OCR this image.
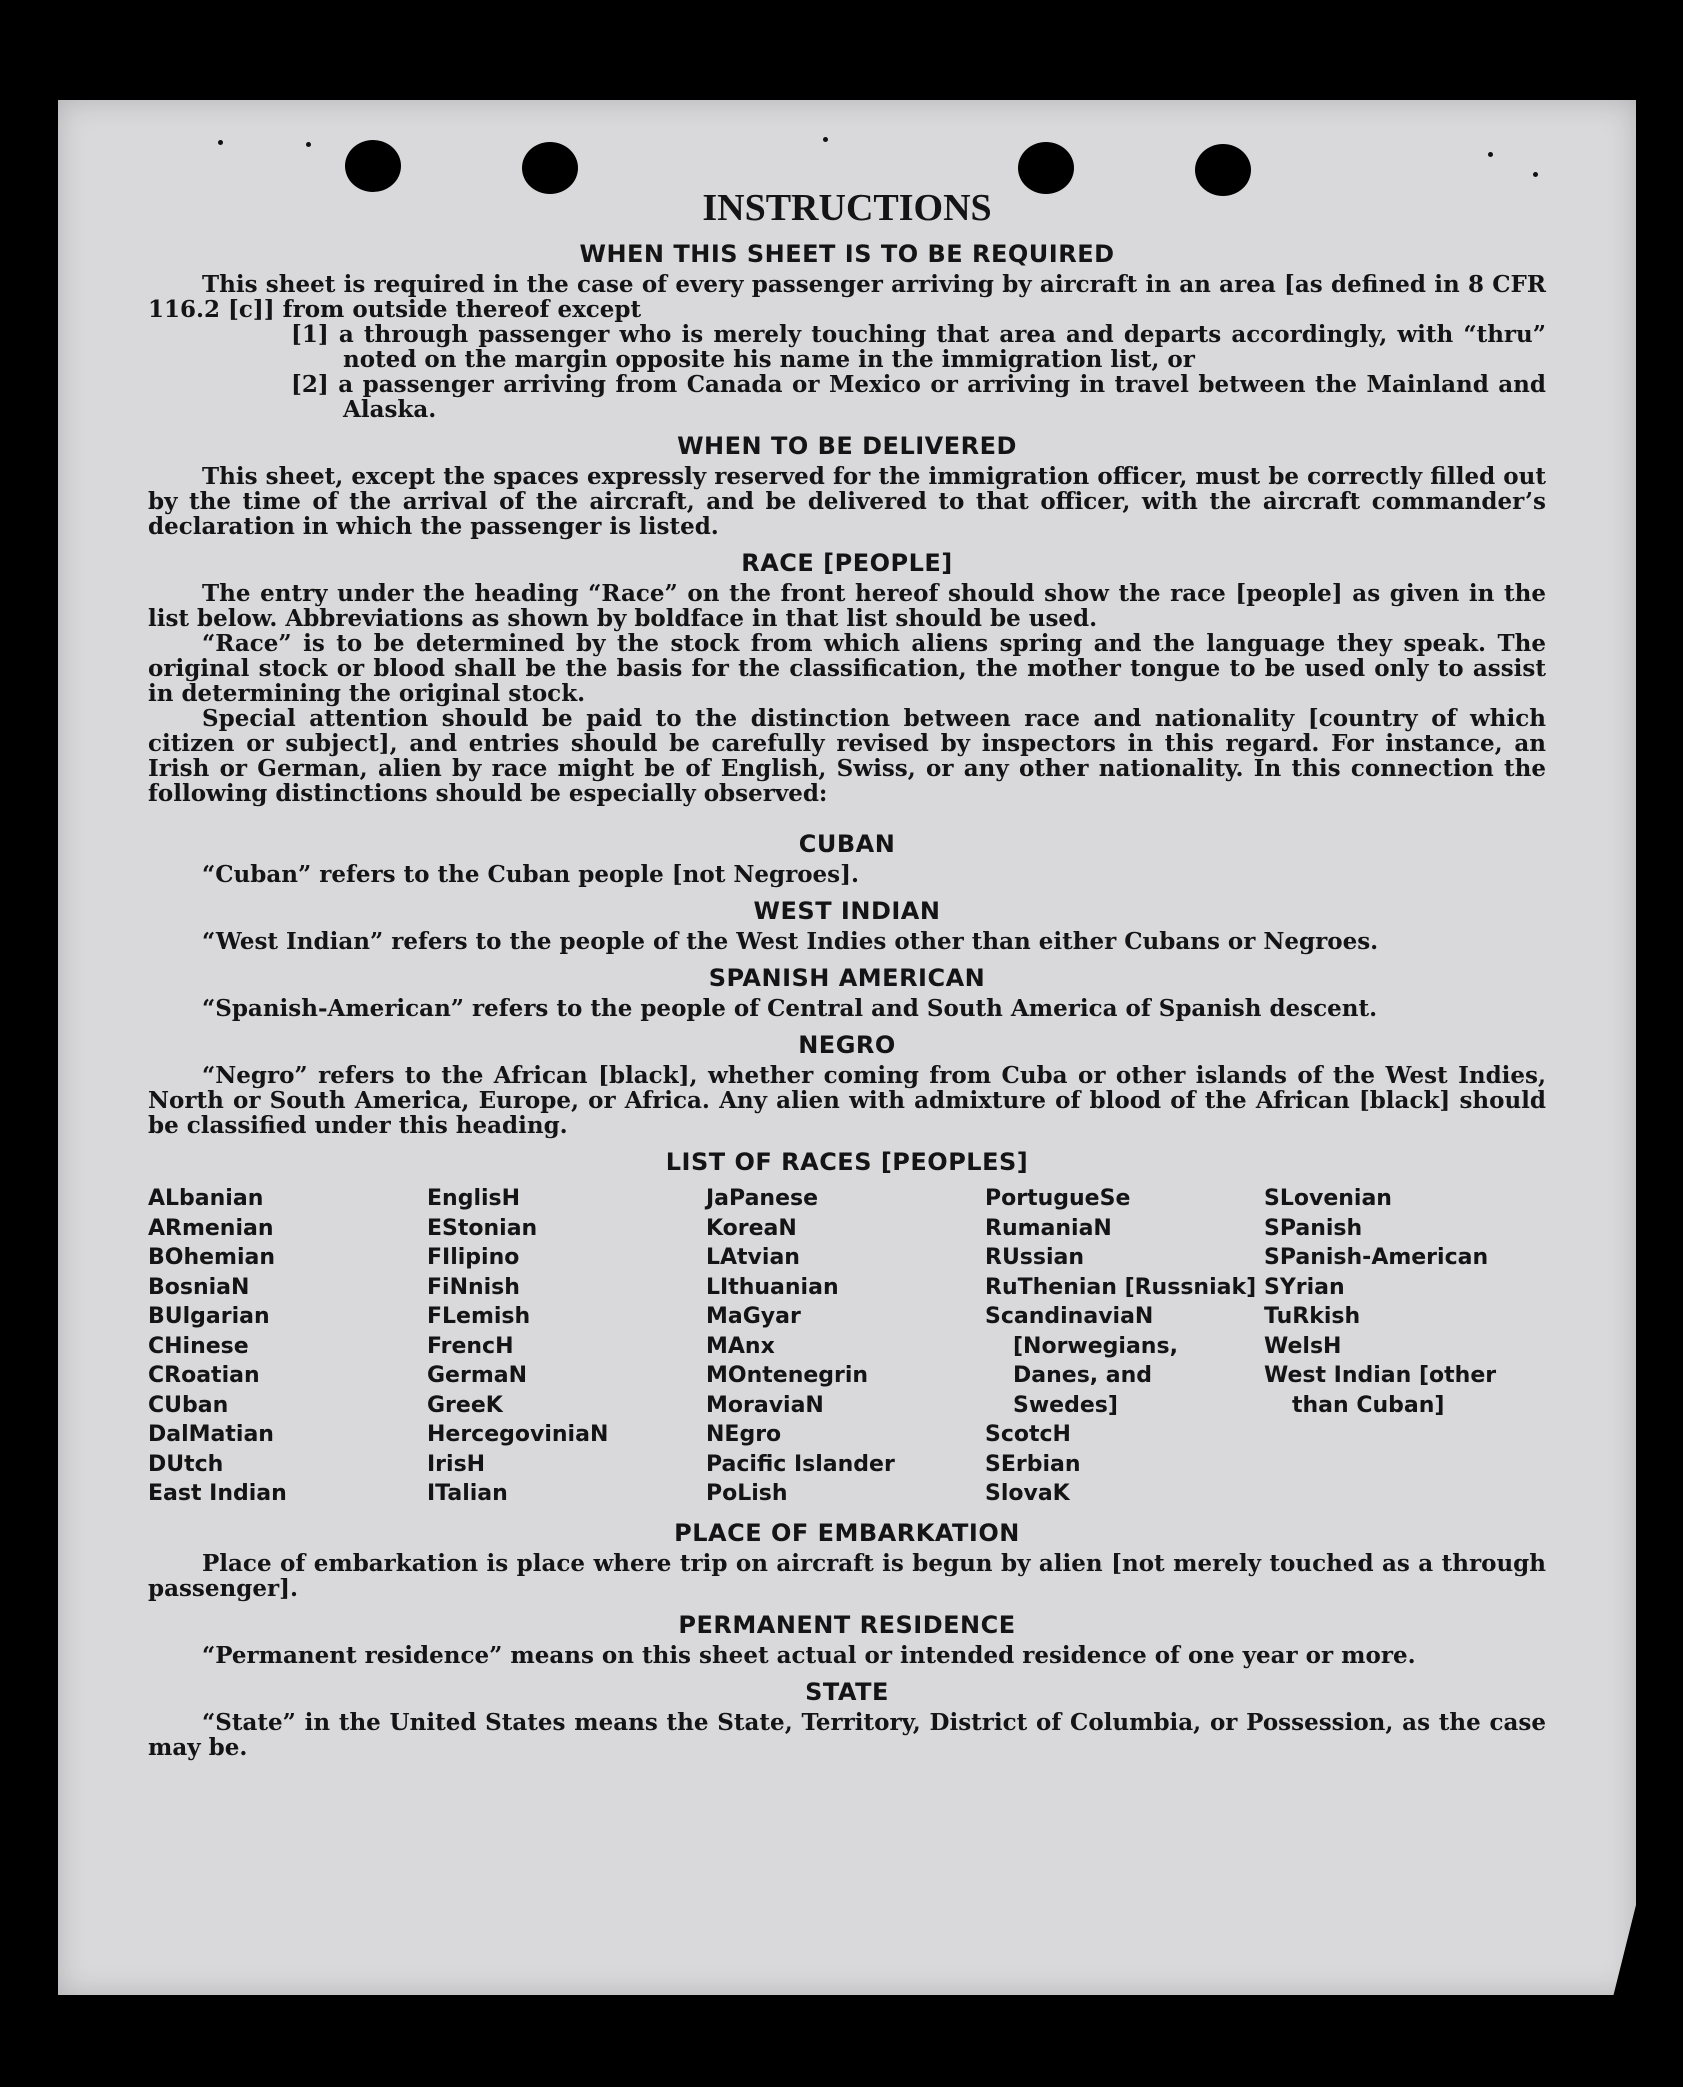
INSTRUCTIONS
WHEN THIS SHEET IS TO BE REQUIRED

This sheet is required in the case of every passenger arriving by aircraft in an area [as defined in 8 CFR 116.2 [c]] from outside thereof except

[1] a through passenger who is merely touching that area and departs accordingly, with “thru” noted on the margin opposite his name in the immigration list, or

[2] a passenger arriving from Canada or Mexico or arriving in travel between the Mainland and Alaska.

WHEN TO BE DELIVERED

This sheet, except the spaces expressly reserved for the immigration officer, must be correctly filled out by the time of the arrival of the aircraft, and be delivered to that officer, with the aircraft commander’s declaration in which the passenger is listed.

RACE [PEOPLE]

The entry under the heading “Race” on the front hereof should show the race [people] as given in the list below. Abbreviations as shown by boldface in that list should be used.

“Race” is to be determined by the stock from which aliens spring and the language they speak. The original stock or blood shall be the basis for the classification, the mother tongue to be used only to assist in determining the original stock.

Special attention should be paid to the distinction between race and nationality [country of which citizen or subject], and entries should be carefully revised by inspectors in this regard. For instance, an Irish or German, alien by race might be of English, Swiss, or any other nationality. In this connection the following distinctions should be especially observed:

CUBAN

“Cuban” refers to the Cuban people [not Negroes].

WEST INDIAN

“West Indian” refers to the people of the West Indies other than either Cubans or Negroes.

SPANISH AMERICAN

“Spanish-American” refers to the people of Central and South America of Spanish descent.

NEGRO

“Negro” refers to the African [black], whether coming from Cuba or other islands of the West Indies, North or South America, Europe, or Africa. Any alien with admixture of blood of the African [black] should be classified under this heading.

LIST OF RACES [PEOPLES]
ALbanian
ARmenian
BOhemian
BosniaN
BUlgarian
CHinese
CRoatian
CUban
DalMatian
DUtch
East Indian
EnglisH
EStonian
FIlipino
FiNnish
FLemish
FrencH
GermaN
GreeK
HercegoviniaN
IrisH
ITalian
JaPanese
KoreaN
LAtvian
LIthuanian
MaGyar
MAnx
MOntenegrin
MoraviaN
NEgro
Pacific Islander
PoLish
PortugueSe
RumaniaN
RUssian
RuThenian [Russniak]
ScandinaviaN [Norwegians, Danes, and Swedes]
ScotcH
SErbian
SlovaK
SLovenian
SPanish
SPanish-American
SYrian
TuRkish
WelsH
West Indian [other than Cuban]
PLACE OF EMBARKATION

Place of embarkation is place where trip on aircraft is begun by alien [not merely touched as a through passenger].

PERMANENT RESIDENCE

“Permanent residence” means on this sheet actual or intended residence of one year or more.

STATE

“State” in the United States means the State, Territory, District of Columbia, or Possession, as the case may be.
